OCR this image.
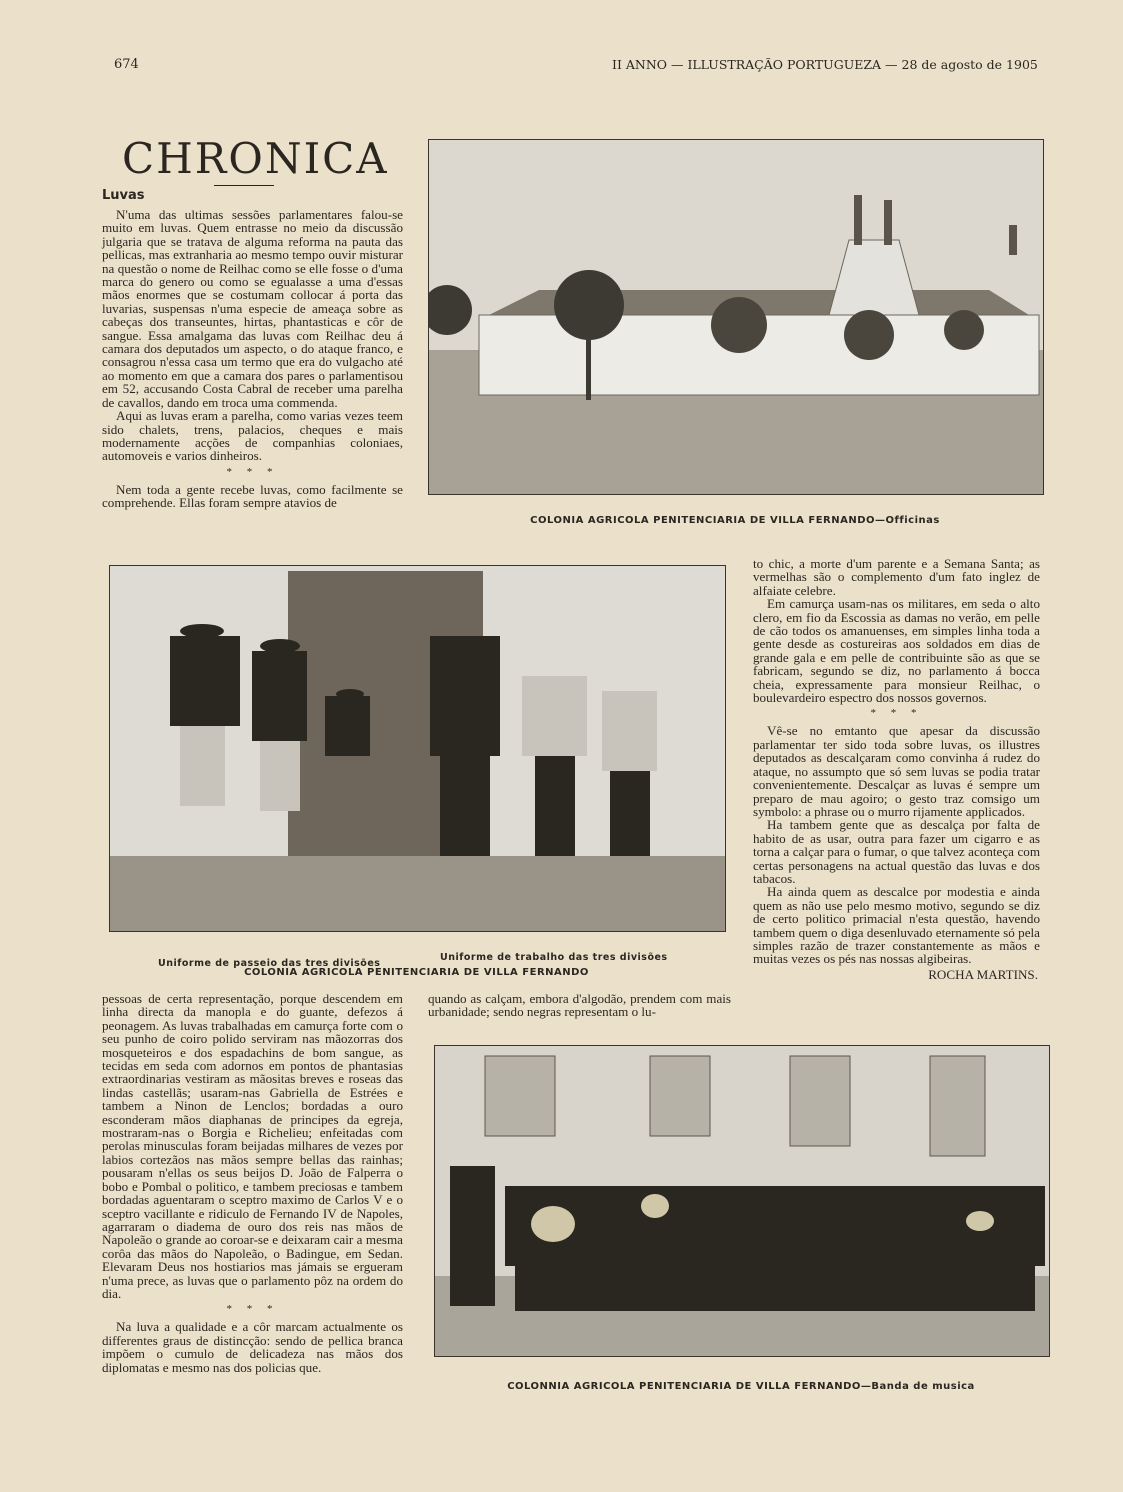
674	II ANNO — ILLUSTRAÇÃO PORTUGUEZA — 28 de agosto de 1905
CHRONICA
Luvas

N'uma das ultimas sessões parlamentares falou-se muito em luvas. Quem entrasse no meio da discussão julgaria que se tratava de alguma reforma na pauta das pellicas, mas extranharia ao mesmo tempo ouvir misturar na questão o nome de Reilhac como se elle fosse o d'uma marca do genero ou como se egualasse a uma d'essas mãos enormes que se costumam collocar á porta das luvarias, suspensas n'uma especie de ameaça sobre as cabeças dos transeuntes, hirtas, phantasticas e côr de sangue. Essa amalgama das luvas com Reilhac deu á camara dos deputados um aspecto, o do ataque franco, e consagrou n'essa casa um termo que era do vulgacho até ao momento em que a camara dos pares o parlamentisou em 52, accusando Costa Cabral de receber uma parelha de cavallos, dando em troca uma commenda.

Aqui as luvas eram a parelha, como varias vezes teem sido chalets, trens, palacios, cheques e mais modernamente acções de companhias coloniaes, automoveis e varios dinheiros.

* * *

Nem toda a gente recebe luvas, como facilmente se comprehende. Ellas foram sempre atavios de

COLONIA AGRICOLA PENITENCIARIA DE VILLA FERNANDO—Officinas
Uniforme de passeio das tres divisões
Uniforme de trabalho das tres divisões
COLONIA AGRICOLA PENITENCIARIA DE VILLA FERNANDO

to chic, a morte d'um parente e a Semana Santa; as vermelhas são o complemento d'um fato inglez de alfaiate celebre.

Em camurça usam-nas os militares, em seda o alto clero, em fio da Escossia as damas no verão, em pelle de cão todos os amanuenses, em simples linha toda a gente desde as costureiras aos soldados em dias de grande gala e em pelle de contribuinte são as que se fabricam, segundo se diz, no parlamento á bocca cheia, expressamente para monsieur Reilhac, o boulevardeiro espectro dos nossos governos.

* * *

Vê-se no emtanto que apesar da discussão parlamentar ter sido toda sobre luvas, os illustres deputados as descalçaram como convinha á rudez do ataque, no assumpto que só sem luvas se podia tratar convenientemente. Descalçar as luvas é sempre um preparo de mau agoiro; o gesto traz comsigo um symbolo: a phrase ou o murro rijamente applicados.

Ha tambem gente que as descalça por falta de habito de as usar, outra para fazer um cigarro e as torna a calçar para o fumar, o que talvez aconteça com certas personagens na actual questão das luvas e dos tabacos.

Ha ainda quem as descalce por modestia e ainda quem as não use pelo mesmo motivo, segundo se diz de certo politico primacial n'esta questão, havendo tambem quem o diga desenluvado eternamente só pela simples razão de trazer constantemente as mãos e muitas vezes os pés nas nossas algibeiras.

ROCHA MARTINS.

pessoas de certa representação, porque descendem em linha directa da manopla e do guante, defezos á peonagem. As luvas trabalhadas em camurça forte com o seu punho de coiro polido serviram nas mãozorras dos mosqueteiros e dos espadachins de bom sangue, as tecidas em seda com adornos em pontos de phantasias extraordinarias vestiram as mãositas breves e roseas das lindas castellãs; usaram-nas Gabriella de Estrées e tambem a Ninon de Lenclos; bordadas a ouro esconderam mãos diaphanas de principes da egreja, mostraram-nas o Borgia e Richelieu; enfeitadas com perolas minusculas foram beijadas milhares de vezes por labios cortezãos nas mãos sempre bellas das rainhas; pousaram n'ellas os seus beijos D. João de Falperra o bobo e Pombal o politico, e tambem preciosas e tambem bordadas aguentaram o sceptro maximo de Carlos V e o sceptro vacillante e ridiculo de Fernando IV de Napoles, agarraram o diadema de ouro dos reis nas mãos de Napoleão o grande ao coroar-se e deixaram cair a mesma corôa das mãos do Napoleão, o Badingue, em Sedan. Elevaram Deus nos hostiarios mas jámais se ergueram n'uma prece, as luvas que o parlamento pôz na ordem do dia.

* * *

Na luva a qualidade e a côr marcam actualmente os differentes graus de distincção: sendo de pellica branca impõem o cumulo de delicadeza nas mãos dos diplomatas e mesmo nas dos policias que.

quando as calçam, embora d'algodão, prendem com mais urbanidade; sendo negras representam o lu-

COLONNIA AGRICOLA PENITENCIARIA DE VILLA FERNANDO—Banda de musica
